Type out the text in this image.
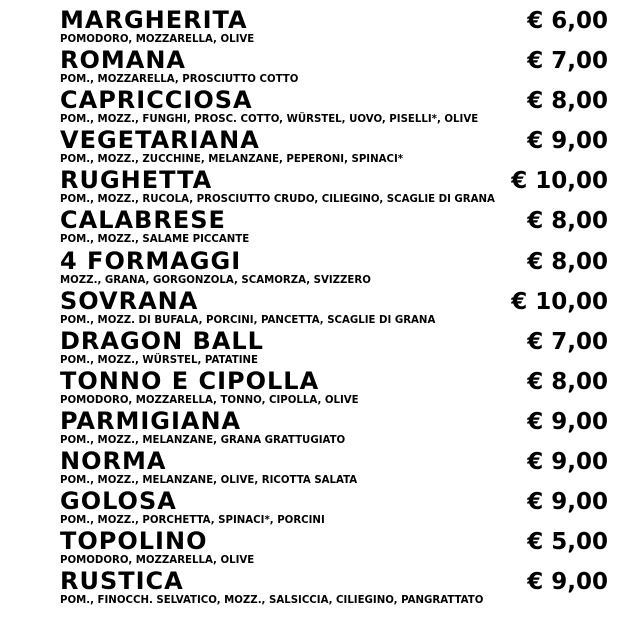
MARGHERITA	€ 6,00
POMODORO, MOZZARELLA, OLIVE
ROMANA	€ 7,00
POM., MOZZARELLA, PROSCIUTTO COTTO
CAPRICCIOSA	€ 8,00
POM., MOZZ., FUNGHI, PROSC. COTTO, WÜRSTEL, UOVO, PISELLI*, OLIVE
VEGETARIANA	€ 9,00
POM., MOZZ., ZUCCHINE, MELANZANE, PEPERONI, SPINACI*
RUGHETTA	€ 10,00
POM., MOZZ., RUCOLA, PROSCIUTTO CRUDO, CILIEGINO, SCAGLIE DI GRANA
CALABRESE	€ 8,00
POM., MOZZ., SALAME PICCANTE
4 FORMAGGI	€ 8,00
MOZZ., GRANA, GORGONZOLA, SCAMORZA, SVIZZERO
SOVRANA	€ 10,00
POM., MOZZ. DI BUFALA, PORCINI, PANCETTA, SCAGLIE DI GRANA
DRAGON BALL	€ 7,00
POM., MOZZ., WÜRSTEL, PATATINE
TONNO E CIPOLLA	€ 8,00
POMODORO, MOZZARELLA, TONNO, CIPOLLA, OLIVE
PARMIGIANA	€ 9,00
POM., MOZZ., MELANZANE, GRANA GRATTUGIATO
NORMA	€ 9,00
POM., MOZZ., MELANZANE, OLIVE, RICOTTA SALATA
GOLOSA	€ 9,00
POM., MOZZ., PORCHETTA, SPINACI*, PORCINI
TOPOLINO	€ 5,00
POMODORO, MOZZARELLA, OLIVE
RUSTICA	€ 9,00
POM., FINOCCH. SELVATICO, MOZZ., SALSICCIA, CILIEGINO, PANGRATTATO
